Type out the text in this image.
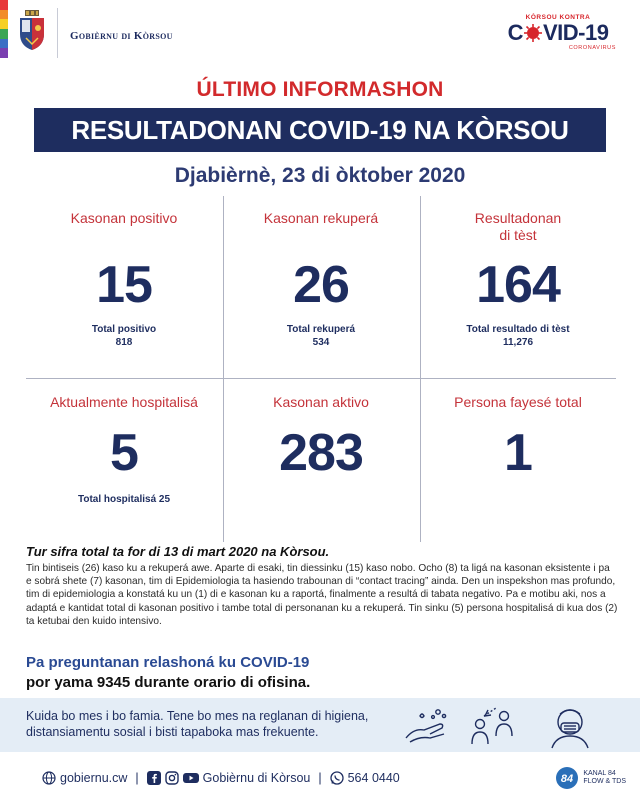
Gobièrnu di Kòrsou
KÒRSOU KONTRA
C VID-19
CORONAVIRUS
ÚLTIMO INFORMASHON
RESULTADONAN COVID-19 NA KÒRSOU
Djabièrnè, 23 di òktober 2020
Kasonan positivo
15
Total positivo
818
Kasonan rekuperá
26
Total rekuperá
534
Resultadonan
di tèst
164
Total resultado di tèst
11,276
Aktualmente hospitalisá
5
Total hospitalisá 25
Kasonan aktivo
283
Persona fayesé total
1
Tur sifra total ta for di 13 di mart 2020 na Kòrsou.
Tin bintiseis (26) kaso ku a rekuperá awe. Aparte di esaki, tin diessinku (15) kaso nobo. Ocho (8) ta ligá na kasonan eksistente i pa e sobrá shete (7) kasonan, tim di Epidemiologia ta hasiendo trabounan di “contact tracing” ainda. Den un inspekshon mas profundo, tim di epidemiologia a konstatá ku un (1) di e kasonan ku a raportá, finalmente a resultá di tabata negativo. Pa e motibu aki, nos a adaptá e kantidat total di kasonan positivo i tambe total di personanan ku a rekuperá. Tin sinku (5) persona hospitalisá di kua dos (2) ta ketubai den kuido intensivo.
Pa preguntanan relashoná ku COVID-19
por yama 9345 durante orario di ofisina.
Kuida bo mes i bo famia. Tene bo mes na reglanan di higiena, distansiamentu sosial i bisti tapaboka mas frekuente.
gobiernu.cw |	Gobièrnu di Kòrsou | 564 0440	84 KANAL 84
FLOW & TDS
